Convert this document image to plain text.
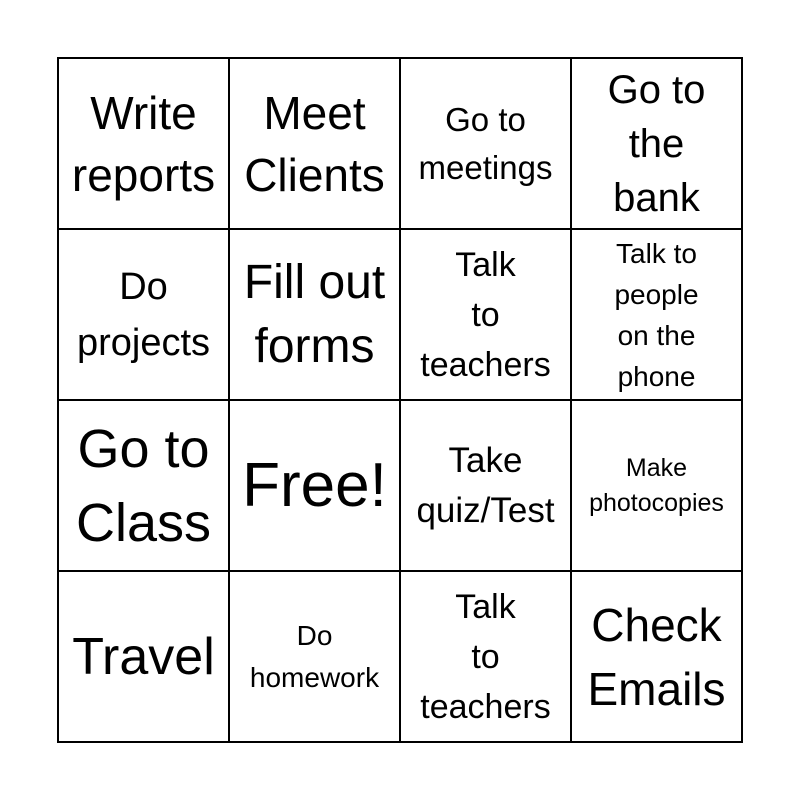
Write
reports
Meet
Clients
Go to
meetings
Go to
the
bank
Do
projects
Fill out
forms
Talk
to
teachers
Talk to
people
on the
phone
Go to
Class
Free!	Take
quiz/Test
Make
photocopies
Travel	Do
homework
Talk
to
teachers
Check
Emails
